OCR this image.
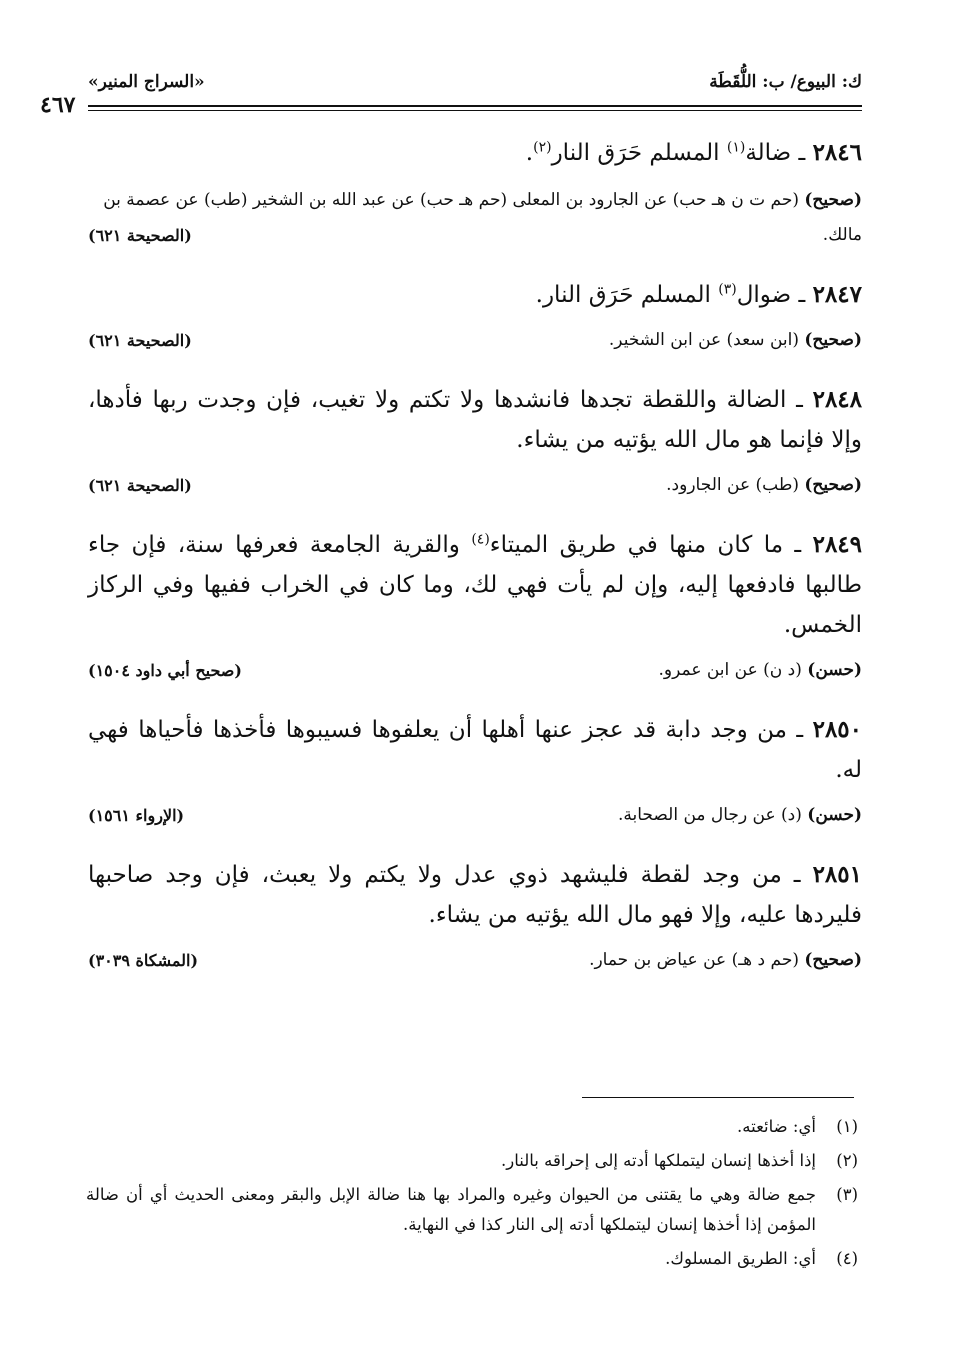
ك: البيوع/ ب: اللُّقَطَة
«السراج المنير»
٤٦٧

٢٨٤٦ ـ ضالة$^{(١)}$ المسلم حَرَق النار$^{(٢)}$.

(صحيح) (حم ت ن هـ حب) عن الجارود بن المعلى (حم هـ حب) عن عبد الله بن الشخير (طب) عن عصمة بن مالك.
(الصحيحة ٦٢١)

٢٨٤٧ ـ ضوال$^{(٣)}$ المسلم حَرَق النار.

(صحيح) (ابن سعد) عن ابن الشخير.
(الصحيحة ٦٢١)

٢٨٤٨ ـ الضالة واللقطة تجدها فانشدها ولا تكتم ولا تغيب، فإن وجدت ربها فأدها، وإلا فإنما هو مال الله يؤتيه من يشاء.

(صحيح) (طب) عن الجارود.
(الصحيحة ٦٢١)

٢٨٤٩ ـ ما كان منها في طريق الميتاء$^{(٤)}$ والقرية الجامعة فعرفها سنة، فإن جاء طالبها فادفعها إليه، وإن لم يأت فهي لك، وما كان في الخراب ففيها وفي الركاز الخمس.

(حسن) (د ن) عن ابن عمرو.
(صحيح أبي داود ١٥٠٤)

٢٨٥٠ ـ من وجد دابة قد عجز عنها أهلها أن يعلفوها فسيبوها فأخذها فأحياها فهي له.

(حسن) (د) عن رجال من الصحابة.
(الإرواء ١٥٦١)

٢٨٥١ ـ من وجد لقطة فليشهد ذوي عدل ولا يكتم ولا يعبث، فإن وجد صاحبها فليردها عليه، وإلا فهو مال الله يؤتيه من يشاء.

(صحيح) (حم د هـ) عن عياض بن حمار.
(المشكاة ٣٠٣٩)
(١)
أي: ضائعته.
(٢)
إذا أخذها إنسان ليتملكها أدته إلى إحراقه بالنار.
(٣)
جمع ضالة وهي ما يقتنى من الحيوان وغيره والمراد بها هنا ضالة الإبل والبقر ومعنى الحديث أي أن ضالة المؤمن إذا أخذها إنسان ليتملكها أدته إلى النار كذا في النهاية.
(٤)
أي: الطريق المسلوك.
